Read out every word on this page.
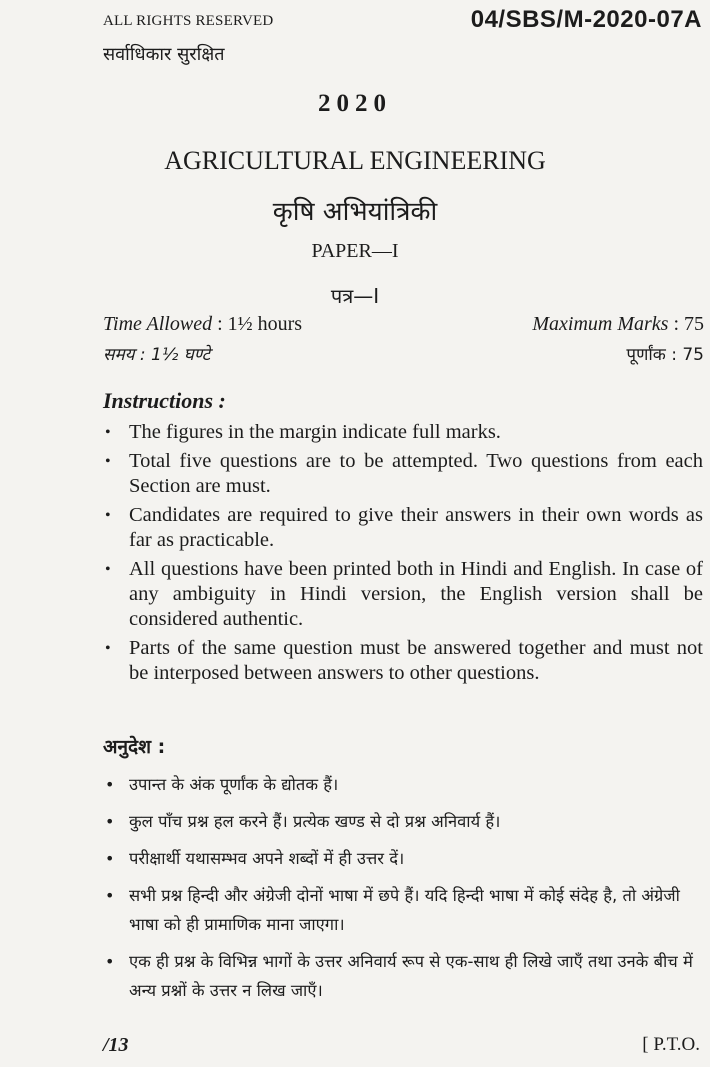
ALL RIGHTS RESERVED
सर्वाधिकार सुरक्षित
04/SBS/M-2020-07A
2020
AGRICULTURAL ENGINEERING
कृषि अभियांत्रिकी
PAPER—I
पत्र—I
Time Allowed : 1½ hours	Maximum Marks : 75
समय : 1½ घण्टे	पूर्णांक : 75
Instructions :
• The figures in the margin indicate full marks.
• Total five questions are to be attempted. Two questions from each Section are must.
• Candidates are required to give their answers in their own words as far as practicable.
• All questions have been printed both in Hindi and English. In case of any ambiguity in Hindi version, the English version shall be considered authentic.
• Parts of the same question must be answered together and must not be interposed between answers to other questions.
अनुदेश :
• उपान्त के अंक पूर्णांक के द्योतक हैं।
• कुल पाँच प्रश्न हल करने हैं। प्रत्येक खण्ड से दो प्रश्न अनिवार्य हैं।
• परीक्षार्थी यथासम्भव अपने शब्दों में ही उत्तर दें।
• सभी प्रश्न हिन्दी और अंग्रेजी दोनों भाषा में छपे हैं। यदि हिन्दी भाषा में कोई संदेह है, तो अंग्रेजी भाषा को ही प्रामाणिक माना जाएगा।
• एक ही प्रश्न के विभिन्न भागों के उत्तर अनिवार्य रूप से एक-साथ ही लिखे जाएँ तथा उनके बीच में अन्य प्रश्नों के उत्तर न लिख जाएँ।
/13	[ P.T.O.
